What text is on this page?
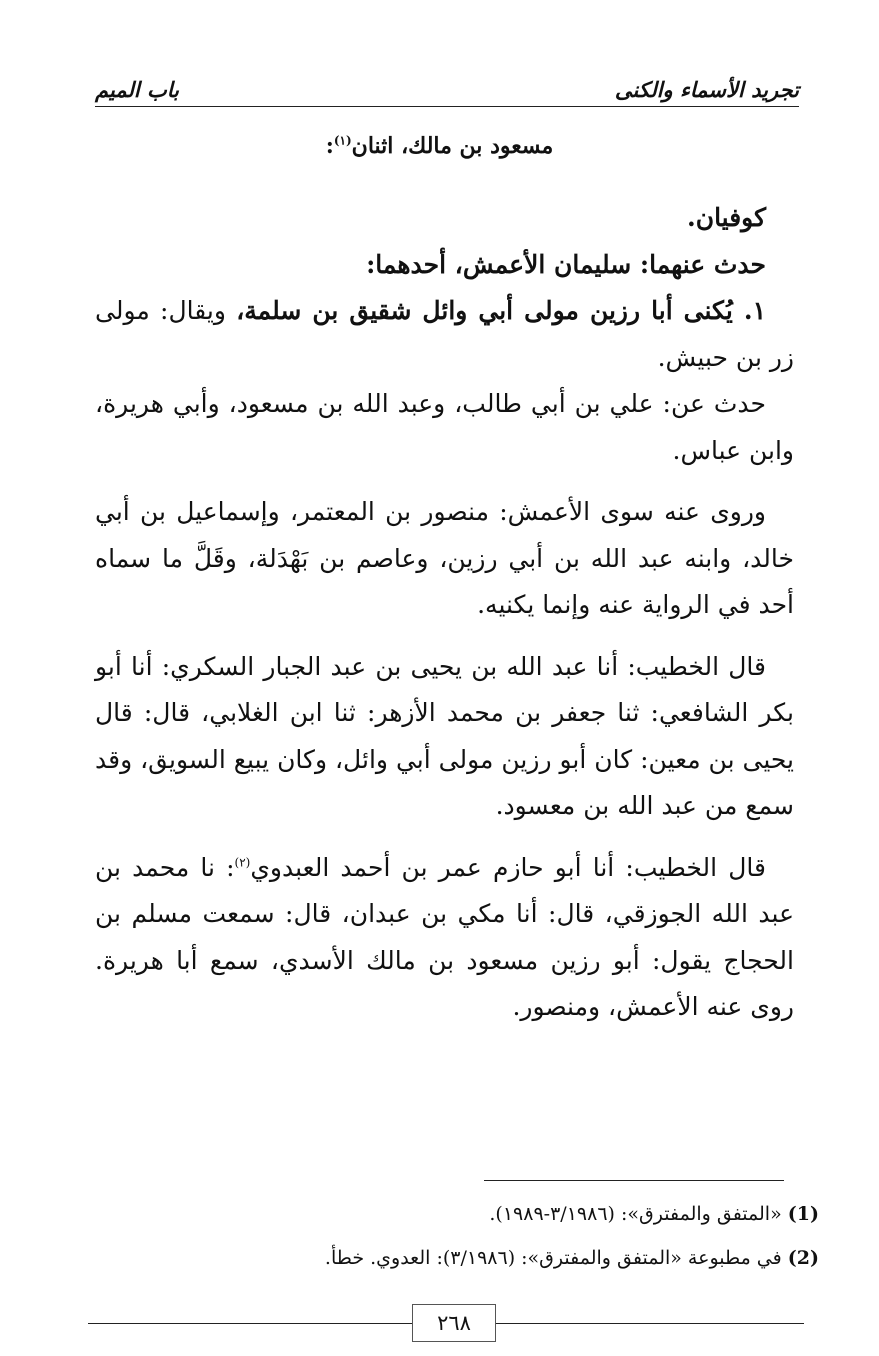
تجريد الأسماء والكنى
باب الميم
مسعود بن مالك، اثنان$^{(١)}$:

كوفيان.

حدث عنهما: سليمان الأعمش، أحدهما:

١. يُكنى أبا رزين مولى أبي وائل شقيق بن سلمة، ويقال: مولى زر بن حبيش.

حدث عن: علي بن أبي طالب، وعبد الله بن مسعود، وأبي هريرة، وابن عباس.

وروى عنه سوى الأعمش: منصور بن المعتمر، وإسماعيل بن أبي خالد، وابنه عبد الله بن أبي رزين، وعاصم بن بَهْدَلة، وقَلَّ ما سماه أحد في الرواية عنه وإنما يكنيه.

قال الخطيب: أنا عبد الله بن يحيى بن عبد الجبار السكري: أنا أبو بكر الشافعي: ثنا جعفر بن محمد الأزهر: ثنا ابن الغلابي، قال: قال يحيى بن معين: كان أبو رزين مولى أبي وائل، وكان يبيع السويق، وقد سمع من عبد الله بن معسود.

قال الخطيب: أنا أبو حازم عمر بن أحمد العبدوي$^{(٢)}$: نا محمد بن عبد الله الجوزقي، قال: أنا مكي بن عبدان، قال: سمعت مسلم بن الحجاج يقول: أبو رزين مسعود بن مالك الأسدي، سمع أبا هريرة. روى عنه الأعمش، ومنصور.

(1) «المتفق والمفترق»: (٣/١٩٨٦-١٩٨٩).

(2) في مطبوعة «المتفق والمفترق»: (٣/١٩٨٦): العدوي. خطأ.

٢٦٨
